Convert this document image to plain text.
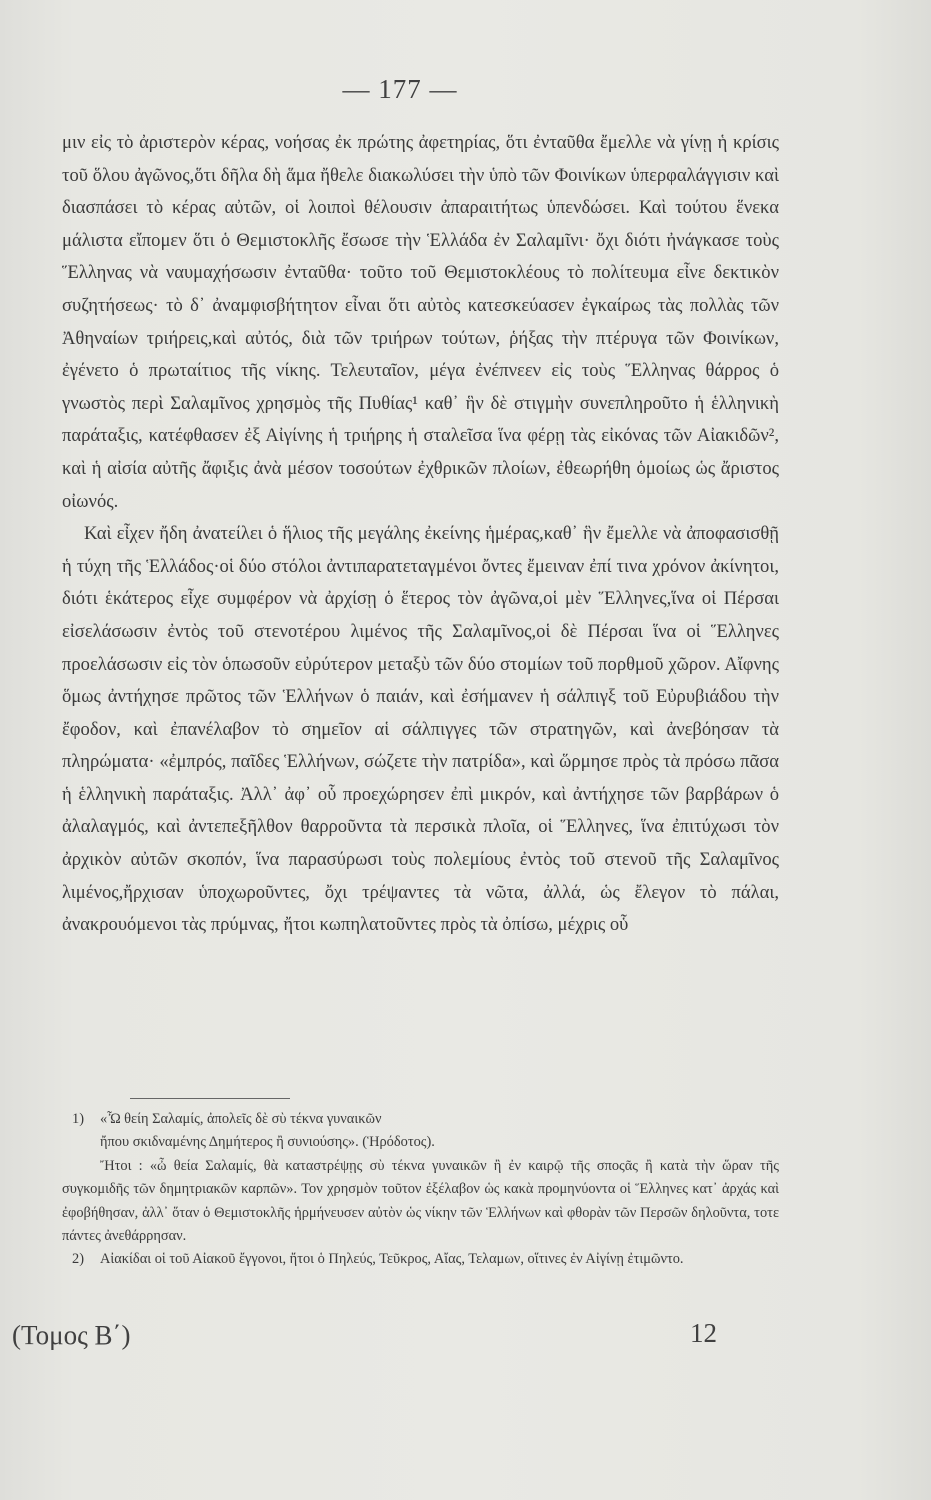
— 177 —

μιν εἰς τὸ ἀριστερὸν κέρας, νοήσας ἐκ πρώτης ἀφετηρίας, ὅτι ἐνταῦθα ἔμελλε νὰ γίνῃ ἡ κρίσις τοῦ ὅλου ἀγῶνος,ὅτι δῆλα δὴ ἅμα ἤθελε διακωλύσει τὴν ὑπὸ τῶν Φοινίκων ὑπερφαλάγγισιν καὶ διασπάσει τὸ κέρας αὐτῶν, οἱ λοιποὶ θέλουσιν ἀπαραιτήτως ὑπενδώσει. Καὶ τούτου ἕνεκα μάλιστα εἴπομεν ὅτι ὁ Θεμιστοκλῆς ἔσωσε τὴν Ἑλλάδα ἐν Σαλαμῖνι· ὄχι διότι ἠνάγκασε τοὺς Ἕλληνας νὰ ναυμαχήσωσιν ἐνταῦθα· τοῦτο τοῦ Θεμιστοκλέους τὸ πολίτευμα εἶνε δεκτικὸν συζητήσεως· τὸ δ᾽ ἀναμφισβήτητον εἶναι ὅτι αὐτὸς κατεσκεύασεν ἐγκαίρως τὰς πολλὰς τῶν Ἀθηναίων τριήρεις,καὶ αὐτός, διὰ τῶν τριήρων τούτων, ῥήξας τὴν πτέρυγα τῶν Φοινίκων, ἐγένετο ὁ πρωταίτιος τῆς νίκης. Τελευταῖον, μέγα ἐνέπνεεν εἰς τοὺς Ἕλληνας θάρρος ὁ γνωστὸς περὶ Σαλαμῖνος χρησμὸς τῆς Πυθίας¹ καθ᾽ ἣν δὲ στιγμὴν συνεπληροῦτο ἡ ἑλληνικὴ παράταξις, κατέφθασεν ἐξ Αἰγίνης ἡ τριήρης ἡ σταλεῖσα ἵνα φέρῃ τὰς εἰκόνας τῶν Αἰακιδῶν², καὶ ἡ αἰσία αὐτῆς ἄφιξις ἀνὰ μέσον τοσούτων ἐχθρικῶν πλοίων, ἐθεωρήθη ὁμοίως ὡς ἄριστος οἰωνός.

Καὶ εἶχεν ἤδη ἀνατείλει ὁ ἥλιος τῆς μεγάλης ἐκείνης ἡμέρας,καθ᾽ ἣν ἔμελλε νὰ ἀποφασισθῇ ἡ τύχη τῆς Ἑλλάδος·οἱ δύο στόλοι ἀντιπαρατεταγμένοι ὄντες ἔμειναν ἐπί τινα χρόνον ἀκίνητοι, διότι ἑκάτερος εἶχε συμφέρον νὰ ἀρχίσῃ ὁ ἕτερος τὸν ἀγῶνα,οἱ μὲν Ἕλληνες,ἵνα οἱ Πέρσαι εἰσελάσωσιν ἐντὸς τοῦ στενοτέρου λιμένος τῆς Σαλαμῖνος,οἱ δὲ Πέρσαι ἵνα οἱ Ἕλληνες προελάσωσιν εἰς τὸν ὁπωσοῦν εὐρύτερον μεταξὺ τῶν δύο στομίων τοῦ πορθμοῦ χῶρον. Αἴφνης ὅμως ἀντήχησε πρῶτος τῶν Ἑλλήνων ὁ παιάν, καὶ ἐσήμανεν ἡ σάλπιγξ τοῦ Εὐρυβιάδου τὴν ἔφοδον, καὶ ἐπανέλαβον τὸ σημεῖον αἱ σάλπιγγες τῶν στρατηγῶν, καὶ ἀνεβόησαν τὰ πληρώματα· «ἐμπρός, παῖδες Ἑλλήνων, σώζετε τὴν πατρίδα», καὶ ὥρμησε πρὸς τὰ πρόσω πᾶσα ἡ ἑλληνικὴ παράταξις. Ἀλλ᾽ ἀφ᾽ οὗ προεχώρησεν ἐπὶ μικρόν, καὶ ἀντήχησε τῶν βαρβάρων ὁ ἀλαλαγμός, καὶ ἀντεπεξῆλθον θαρροῦντα τὰ περσικὰ πλοῖα, οἱ Ἕλληνες, ἵνα ἐπιτύχωσι τὸν ἀρχικὸν αὐτῶν σκοπόν, ἵνα παρασύρωσι τοὺς πολεμίους ἐντὸς τοῦ στενοῦ τῆς Σαλαμῖνος λιμένος,ἤρχισαν ὑποχωροῦντες, ὄχι τρέψαντες τὰ νῶτα, ἀλλά, ὡς ἔλεγον τὸ πάλαι, ἀνακρουόμενοι τὰς πρύμνας, ἤτοι κωπηλατοῦντες πρὸς τὰ ὀπίσω, μέχρις οὗ

1) «Ὦ θείη Σαλαμίς, ἀπολεῖς δὲ σὺ τέκνα γυναικῶν

ἤπου σκιδναμένης Δημήτερος ἢ συνιούσης». (Ἡρόδοτος).

Ἤτοι : «ὦ θεία Σαλαμίς, θὰ καταστρέψῃς σὺ τέκνα γυναικῶν ἢ ἐν καιρῷ τῆς σποςᾶς ἢ κατὰ τὴν ὥραν τῆς συγκομιδῆς τῶν δημητριακῶν καρπῶν». Τον χρησμὸν τοῦτον ἐξέλαβον ὡς κακὰ προμηνύοντα οἱ Ἕλληνες κατ᾽ ἀρχάς καὶ ἐφοβήθησαν, ἀλλ᾽ ὅταν ὁ Θεμιστοκλῆς ἡρμήνευσεν αὐτὸν ὡς νίκην τῶν Ἑλλήνων καὶ φθορὰν τῶν Περσῶν δηλοῦντα, τοτε πάντες ἀνεθάρρησαν.

2) Αἰακίδαι οἱ τοῦ Αἰακοῦ ἔγγονοι, ἤτοι ὁ Πηλεύς, Τεῦκρος, Αἴας, Τελαμων, οἵτινες ἐν Αἰγίνῃ ἐτιμῶντο.

(Τομος Β΄)	12
